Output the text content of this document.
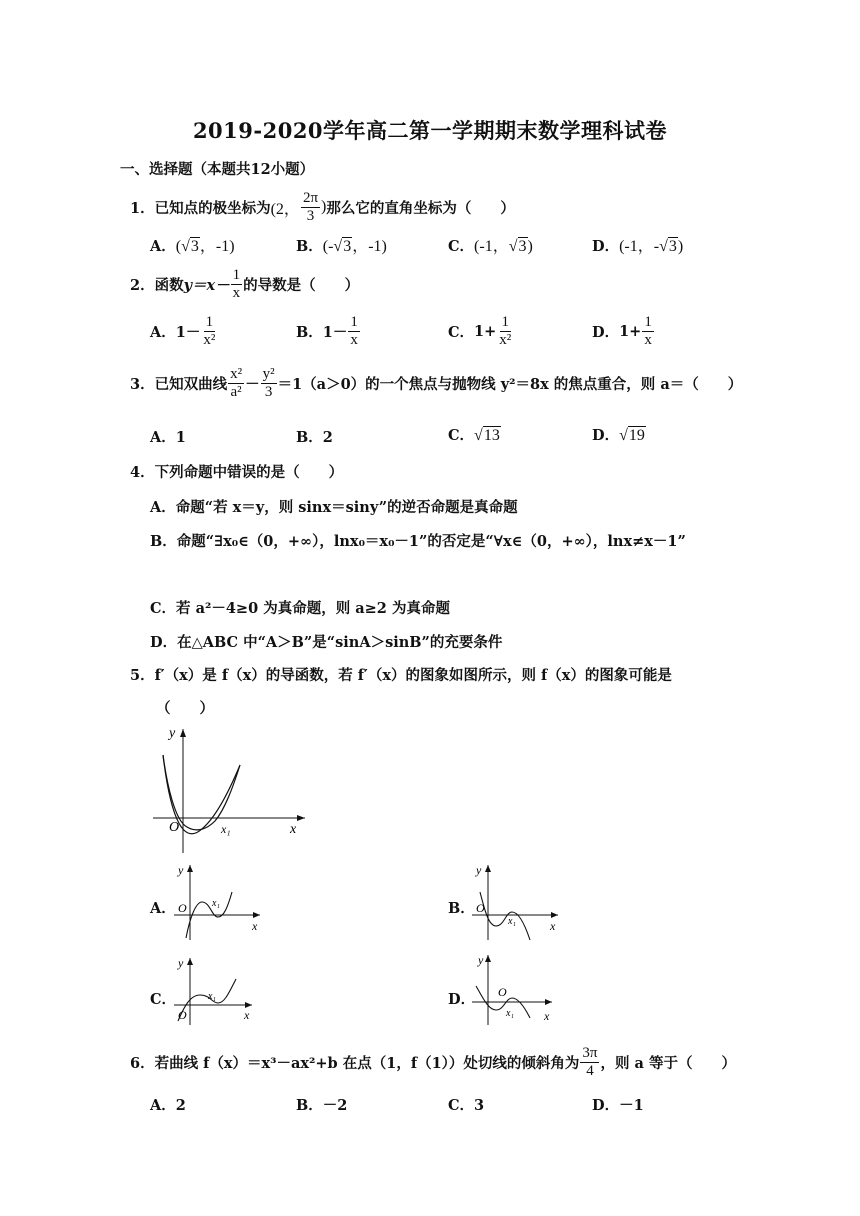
2019-2020学年高二第一学期期末数学理科试卷
一、选择题（本题共12小题）
1．已知点的极坐标为 (2， $\frac{2\pi}{3}$ ) 那么它的直角坐标为（　　）
A．(√3，-1)	B．(-√3，-1)	C．(-1，√3)	D．(-1，-√3)
2．函数 $y=x- \frac{1}{x}$ 的导数是（　　）
A． $1- \frac{1}{\text{x²}}$	B． $1- \frac{1}{x}$	C． $1+ \frac{1}{\text{x²}}$	D． $1+ \frac{1}{x}$
3．已知双曲线 $\frac{\text{x²}}{\text{a²}} - \frac{\text{y²}}{3} =1(a>0)$的一个焦点与抛物线 y²＝8x 的焦点重合，则 a＝（　　）
A．1	B．2	C．√13	D．√19
4．下列命题中错误的是（　　）
A．命题“若 x＝y，则 sinx＝siny”的逆否命题是真命题
B．命题“∃x₀∈（0，+∞），lnx₀＝x₀－1”的否定是“∀x∈（0，+∞），lnx≠x－1”
C．若 a²－4≥0 为真命题，则 a≥2 为真命题
D．在△ABC 中“A＞B”是“sinA＞sinB”的充要条件
5．f′（x）是 f（x）的导函数，若 f′（x）的图象如图所示，则 f（x）的图象可能是
（　　）
y
x
O	x₁
A．
y
x
O	x₁	B．
y
x
O
x₁
C．
y
x
O
x₁	D．
y
x
O
x₁
6．若曲线 f（x）＝x³－ax²+b 在点（1，f（1））处切线的倾斜角为 $\frac{3\pi}{4}$ ，则 a 等于（　　）
A．2	B．－2	C．3	D．－1
